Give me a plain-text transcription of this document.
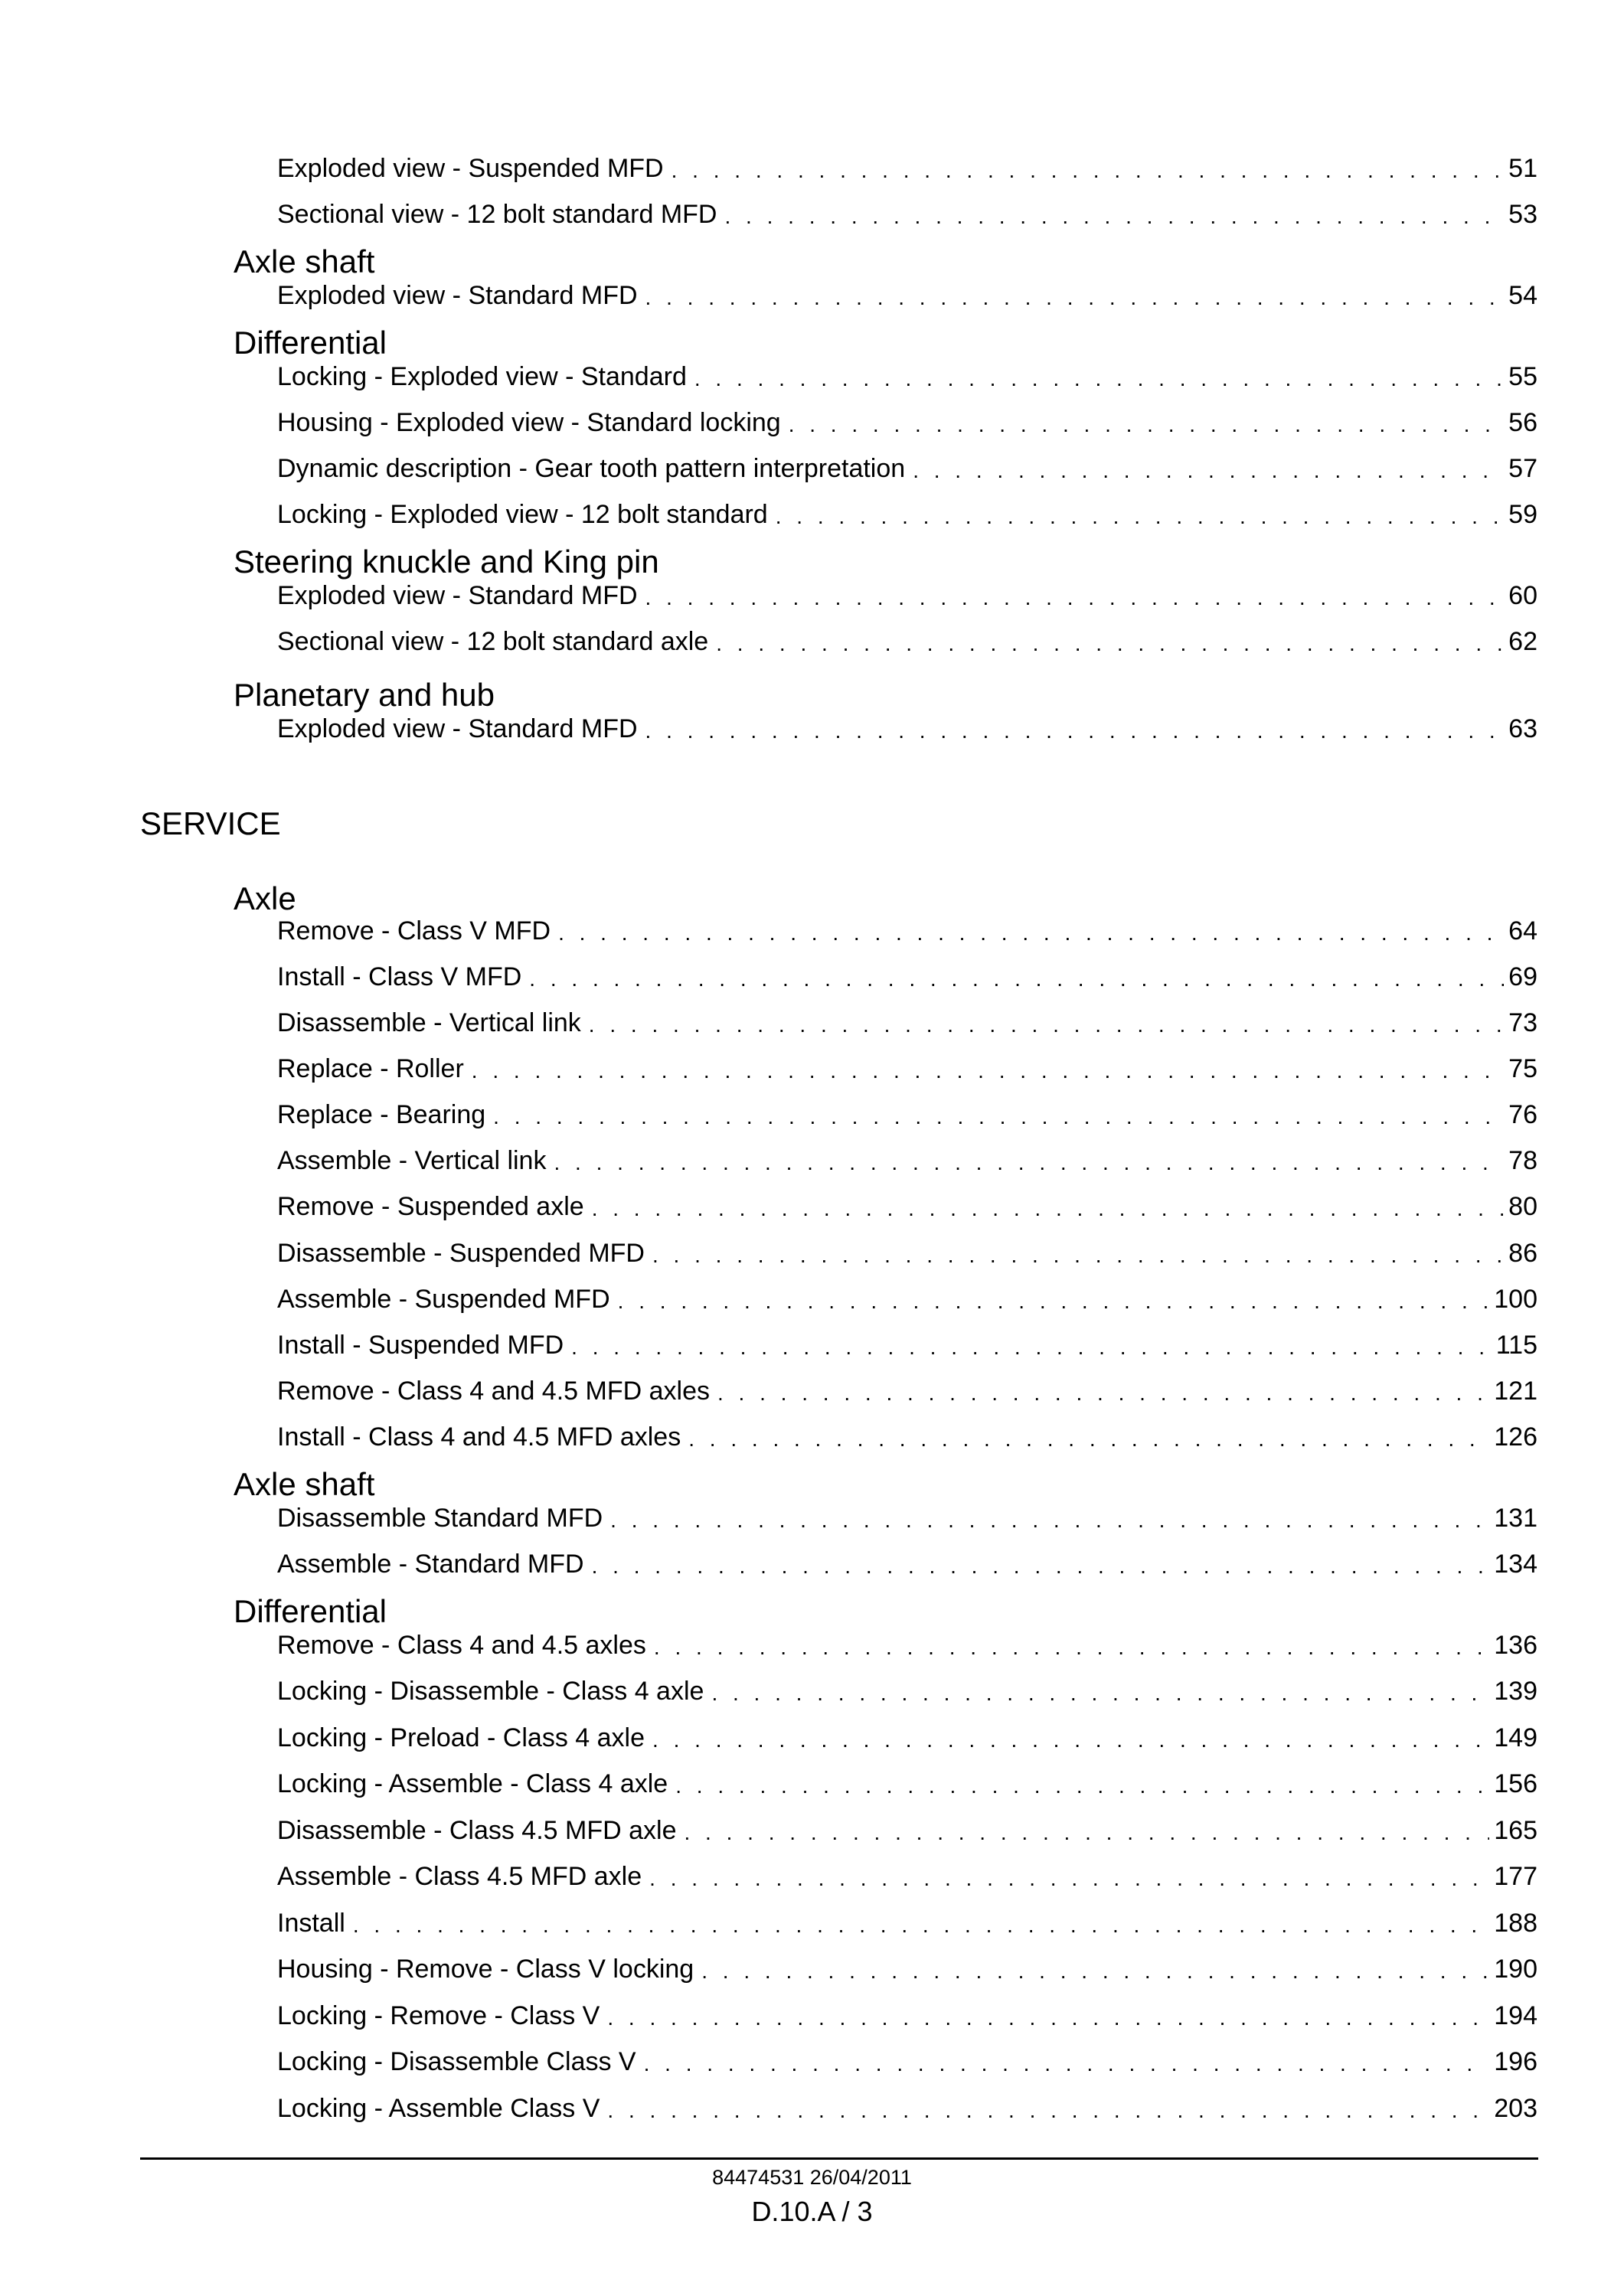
Exploded view - Suspended MFD . . .	51
Sectional view - 12 bolt standard MFD . . .	53
Axle shaft
Exploded view - Standard MFD . . .	54
Differential
Locking - Exploded view - Standard . . .	55
Housing - Exploded view - Standard locking . . .	56
Dynamic description - Gear tooth pattern interpretation . . .	57
Locking - Exploded view - 12 bolt standard . . .	59
Steering knuckle and King pin
Exploded view - Standard MFD . . .	60
Sectional view - 12 bolt standard axle . . .	62
Planetary and hub
Exploded view - Standard MFD . . .	63
SERVICE
Axle
Remove - Class V MFD . . .	64
Install - Class V MFD . . .	69
Disassemble - Vertical link . . .	73
Replace - Roller . . .	75
Replace - Bearing . . .	76
Assemble - Vertical link . . .	78
Remove - Suspended axle . . .	80
Disassemble - Suspended MFD . . .	86
Assemble - Suspended MFD . . .	100
Install - Suspended MFD . . .	115
Remove - Class 4 and 4.5 MFD axles . . .	121
Install - Class 4 and 4.5 MFD axles . . .	126
Axle shaft
Disassemble Standard MFD . . .	131
Assemble - Standard MFD . . .	134
Differential
Remove - Class 4 and 4.5 axles . . .	136
Locking - Disassemble - Class 4 axle . . .	139
Locking - Preload - Class 4 axle . . .	149
Locking - Assemble - Class 4 axle . . .	156
Disassemble - Class 4.5 MFD axle . . .	165
Assemble - Class 4.5 MFD axle . . .	177
Install . . .	188
Housing - Remove - Class V locking . . .	190
Locking - Remove - Class V . . .	194
Locking - Disassemble Class V . . .	196
Locking - Assemble Class V . . .	203
84474531 26/04/2011
D.10.A / 3
